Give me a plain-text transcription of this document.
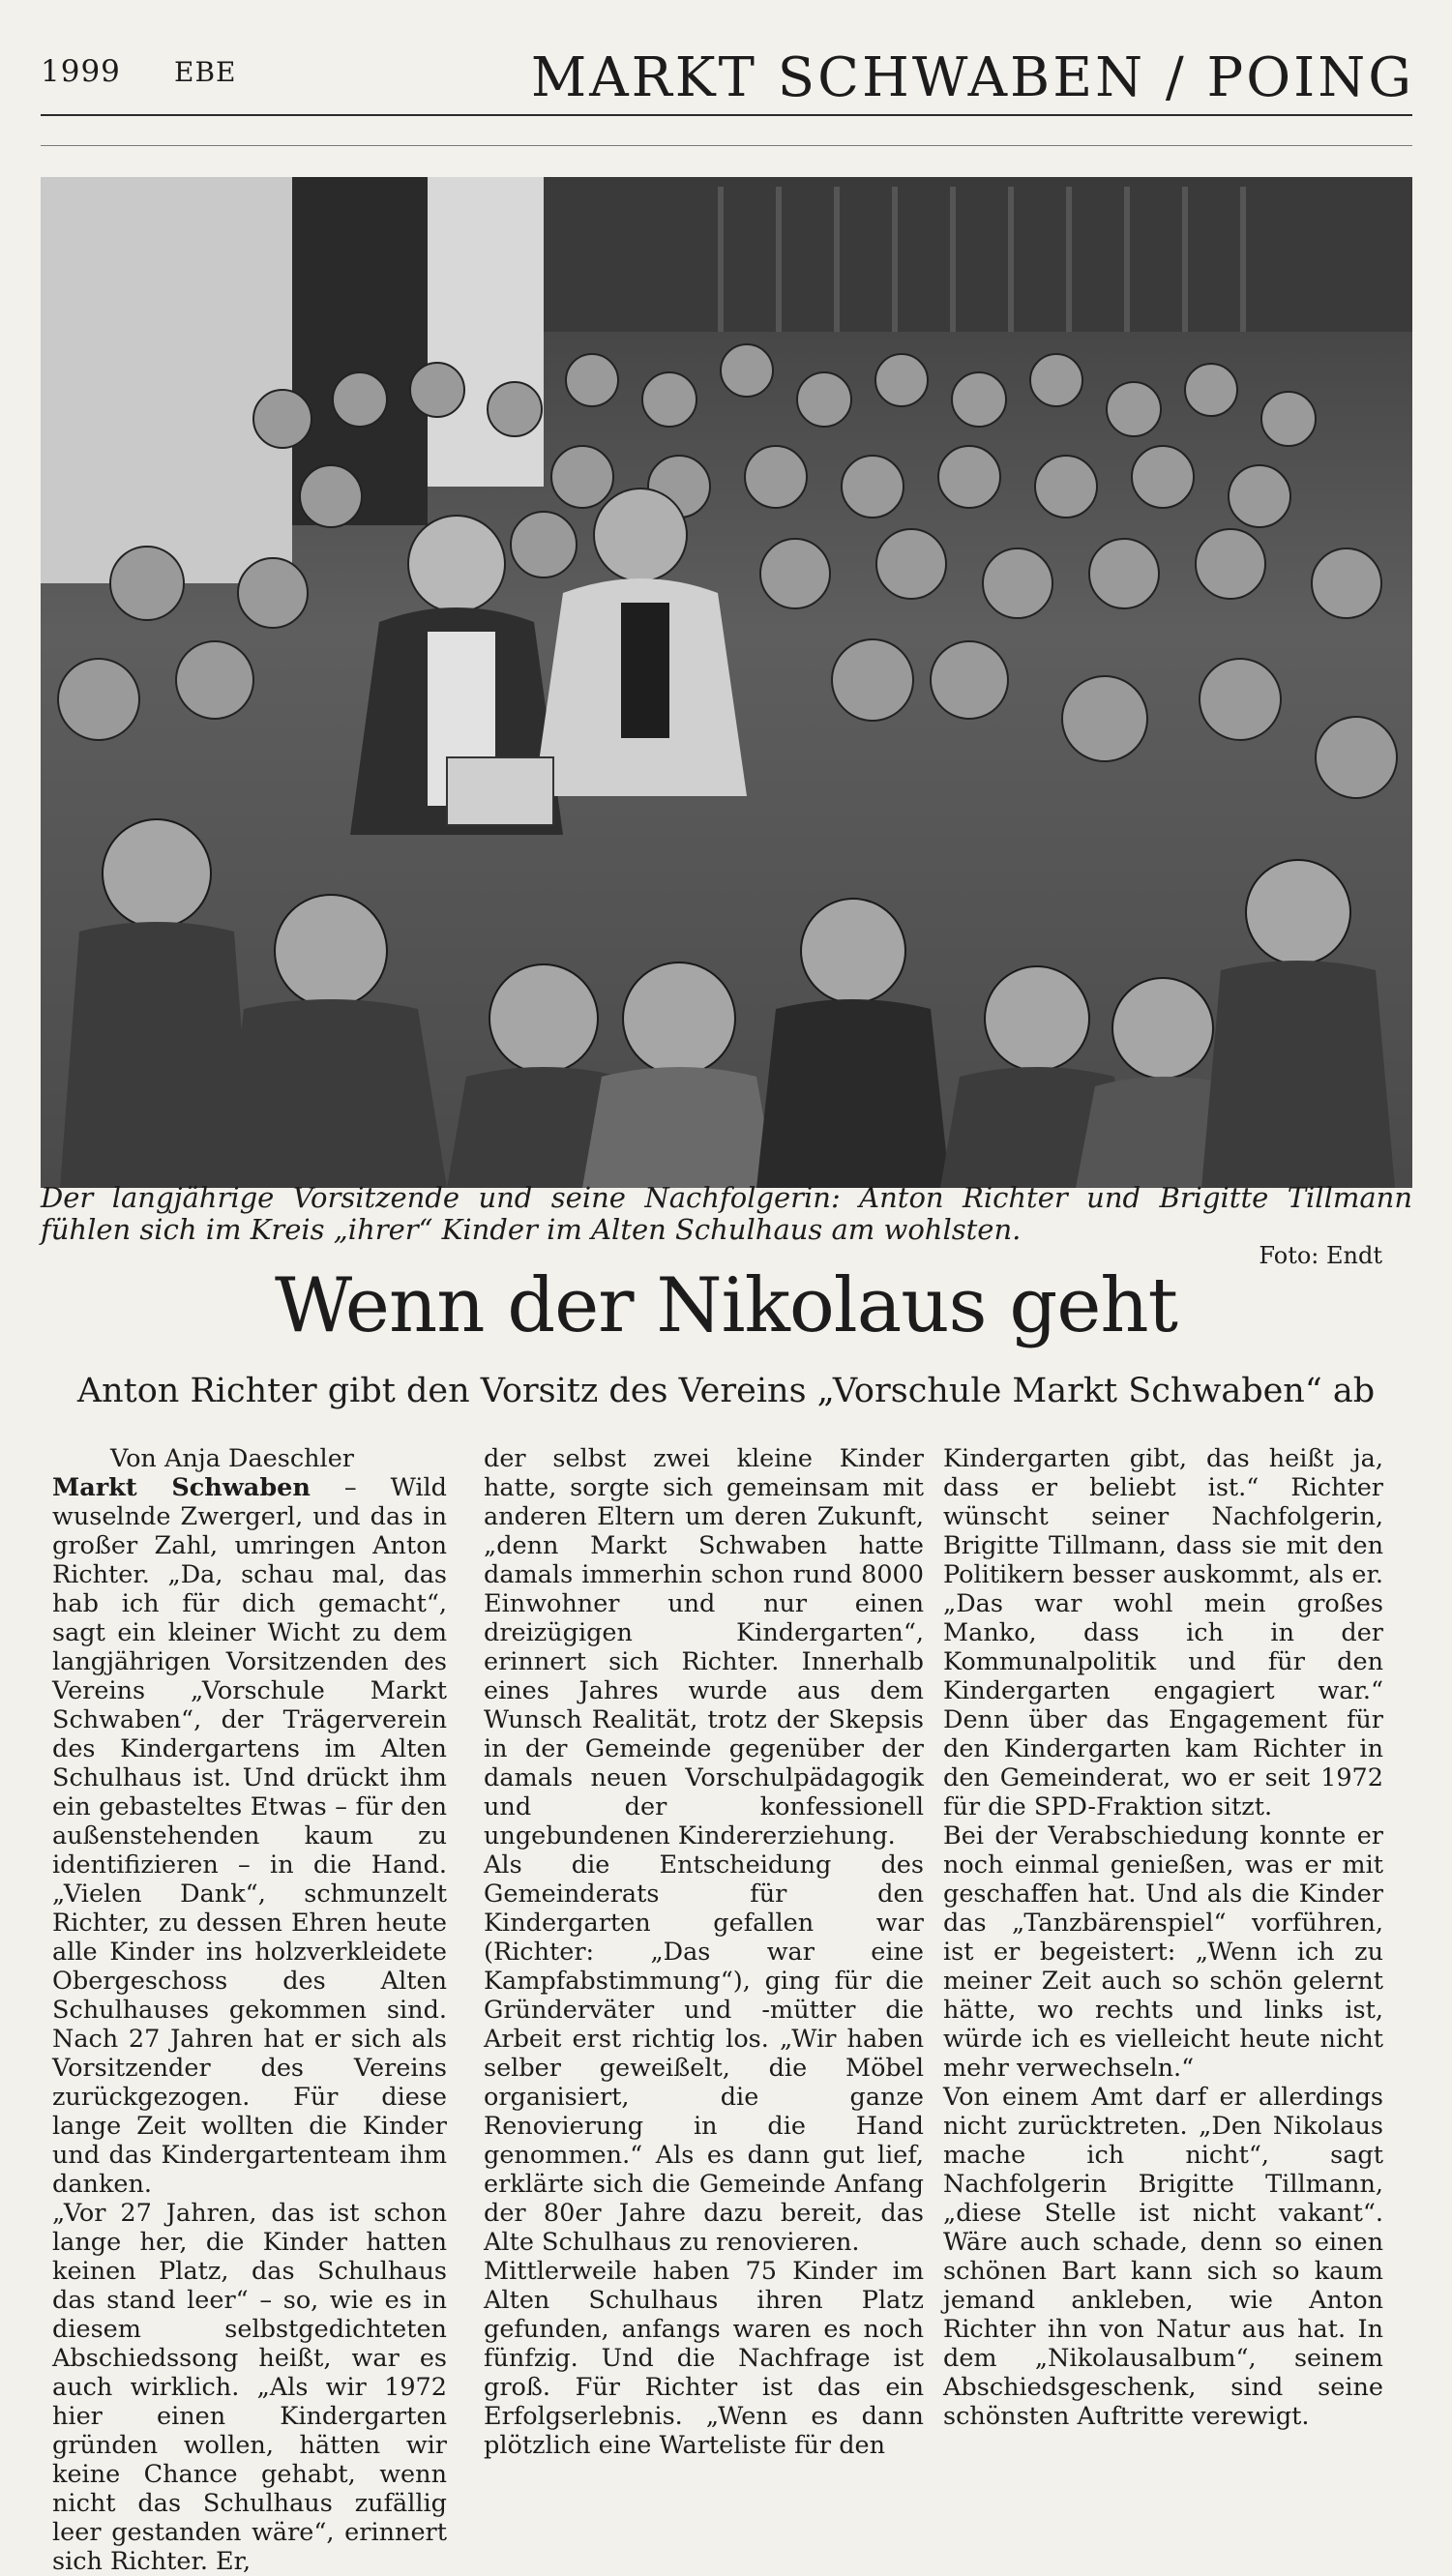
1999 EBE	MARKT SCHWABEN / POING
Der langjährige Vorsitzende und seine Nachfolgerin: Anton Richter und Brigitte Tillmann fühlen sich im Kreis „ihrer“ Kinder im Alten Schulhaus am wohlsten.
Foto: Endt
Wenn der Nikolaus geht
Anton Richter gibt den Vorsitz des Vereins „Vorschule Markt Schwaben“ ab

Von Anja Daeschler

Markt Schwaben – Wild wuselnde Zwergerl, und das in großer Zahl, umringen Anton Richter. „Da, schau mal, das hab ich für dich gemacht“, sagt ein kleiner Wicht zu dem langjährigen Vorsitzenden des Vereins „Vorschule Markt Schwaben“, der Trägerverein des Kindergartens im Alten Schulhaus ist. Und drückt ihm ein gebasteltes Etwas – für den außenstehenden kaum zu identifizieren – in die Hand. „Vielen Dank“, schmunzelt Richter, zu dessen Ehren heute alle Kinder ins holzverkleidete Obergeschoss des Alten Schulhauses gekommen sind. Nach 27 Jahren hat er sich als Vorsitzender des Vereins zurückgezogen. Für diese lange Zeit wollten die Kinder und das Kindergartenteam ihm danken.

„Vor 27 Jahren, das ist schon lange her, die Kinder hatten keinen Platz, das Schulhaus das stand leer“ – so, wie es in diesem selbstgedichteten Abschiedssong heißt, war es auch wirklich. „Als wir 1972 hier einen Kindergarten gründen wollen, hätten wir keine Chance gehabt, wenn nicht das Schulhaus zufällig leer gestanden wäre“, erinnert sich Richter. Er,

der selbst zwei kleine Kinder hatte, sorgte sich gemeinsam mit anderen Eltern um deren Zukunft, „denn Markt Schwaben hatte damals immerhin schon rund 8000 Einwohner und nur einen dreizügigen Kindergarten“, erinnert sich Richter. Innerhalb eines Jahres wurde aus dem Wunsch Realität, trotz der Skepsis in der Gemeinde gegenüber der damals neuen Vorschulpädagogik und der konfessionell ungebundenen Kindererziehung.

Als die Entscheidung des Gemeinderats für den Kindergarten gefallen war (Richter: „Das war eine Kampfabstimmung“), ging für die Gründerväter und -mütter die Arbeit erst richtig los. „Wir haben selber geweißelt, die Möbel organisiert, die ganze Renovierung in die Hand genommen.“ Als es dann gut lief, erklärte sich die Gemeinde Anfang der 80er Jahre dazu bereit, das Alte Schulhaus zu renovieren.

Mittlerweile haben 75 Kinder im Alten Schulhaus ihren Platz gefunden, anfangs waren es noch fünfzig. Und die Nachfrage ist groß. Für Richter ist das ein Erfolgserlebnis. „Wenn es dann plötzlich eine Warteliste für den

Kindergarten gibt, das heißt ja, dass er beliebt ist.“ Richter wünscht seiner Nachfolgerin, Brigitte Tillmann, dass sie mit den Politikern besser auskommt, als er. „Das war wohl mein großes Manko, dass ich in der Kommunalpolitik und für den Kindergarten engagiert war.“ Denn über das Engagement für den Kindergarten kam Richter in den Gemeinderat, wo er seit 1972 für die SPD-Fraktion sitzt.

Bei der Verabschiedung konnte er noch einmal genießen, was er mit geschaffen hat. Und als die Kinder das „Tanzbärenspiel“ vorführen, ist er begeistert: „Wenn ich zu meiner Zeit auch so schön gelernt hätte, wo rechts und links ist, würde ich es vielleicht heute nicht mehr verwechseln.“

Von einem Amt darf er allerdings nicht zurücktreten. „Den Nikolaus mache ich nicht“, sagt Nachfolgerin Brigitte Tillmann, „diese Stelle ist nicht vakant“. Wäre auch schade, denn so einen schönen Bart kann sich so kaum jemand ankleben, wie Anton Richter ihn von Natur aus hat. In dem „Nikolausalbum“, seinem Abschiedsgeschenk, sind seine schönsten Auftritte verewigt.
